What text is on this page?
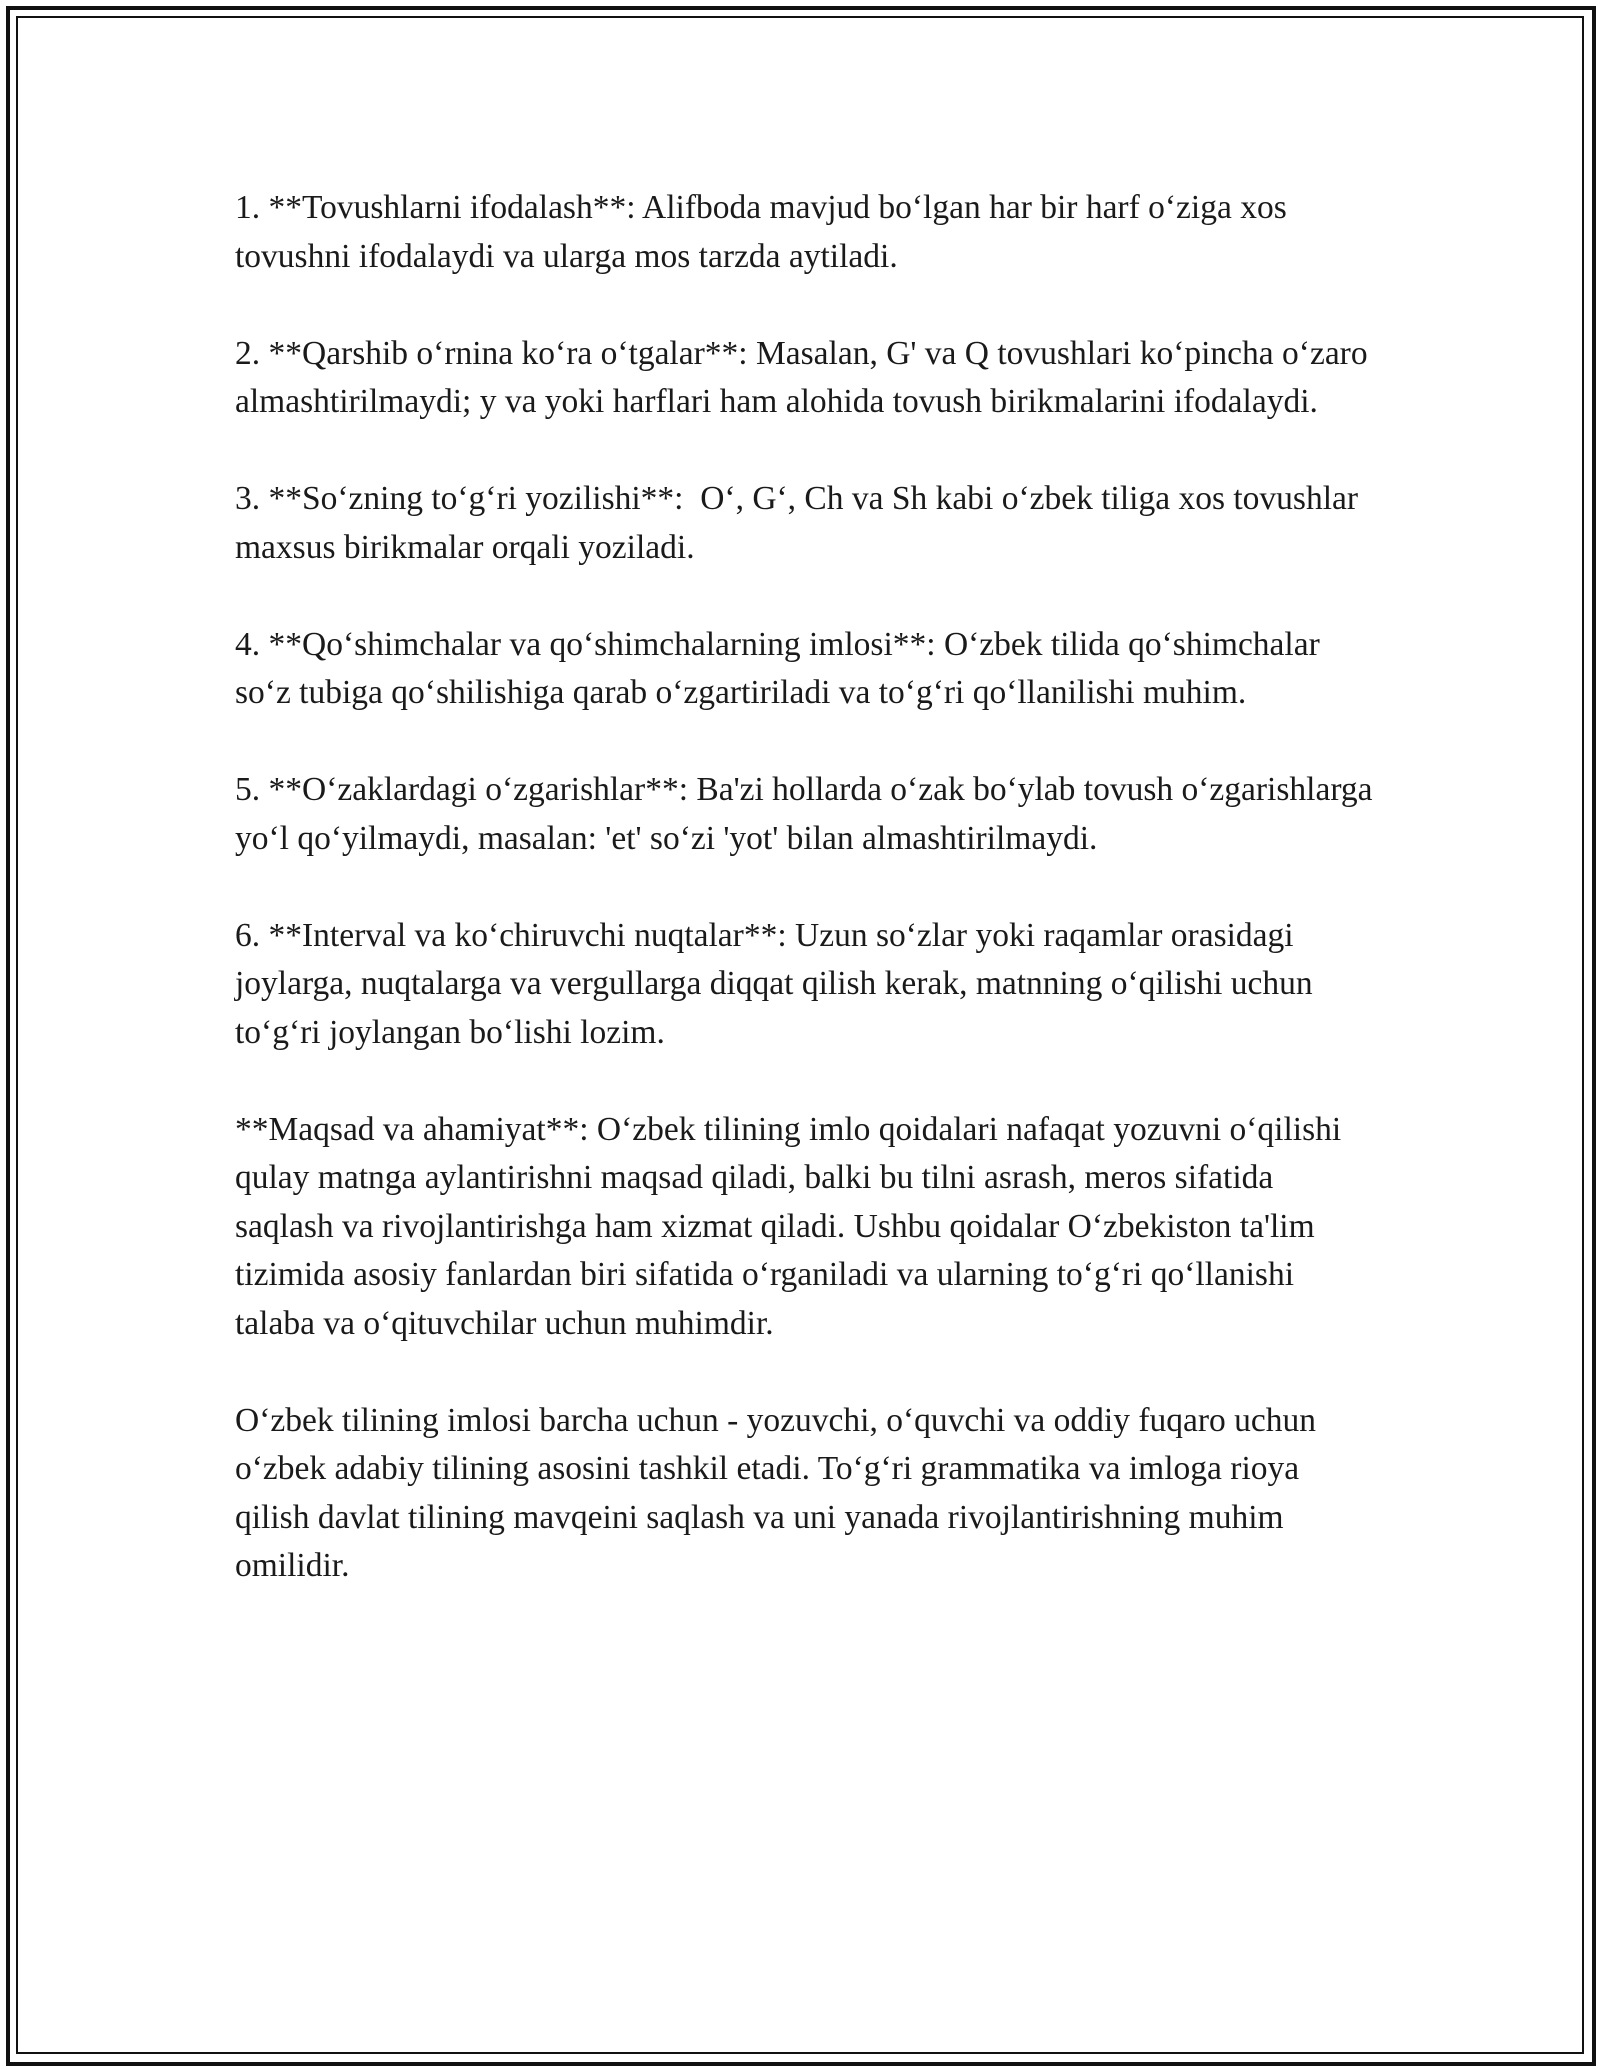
1. **Tovushlarni ifodalash**: Alifboda mavjud bo‘lgan har bir harf o‘ziga xos tovushni ifodalaydi va ularga mos tarzda aytiladi.

2. **Qarshib o‘rnina ko‘ra o‘tgalar**: Masalan, G' va Q tovushlari ko‘pincha o‘zaro almashtirilmaydi; y va yoki harflari ham alohida tovush birikmalarini ifodalaydi.

3. **So‘zning to‘g‘ri yozilishi**:  O‘, G‘, Ch va Sh kabi o‘zbek tiliga xos tovushlar maxsus birikmalar orqali yoziladi.

4. **Qo‘shimchalar va qo‘shimchalarning imlosi**: O‘zbek tilida qo‘shimchalar so‘z tubiga qo‘shilishiga qarab o‘zgartiriladi va to‘g‘ri qo‘llanilishi muhim.

5. **O‘zaklardagi o‘zgarishlar**: Ba'zi hollarda o‘zak bo‘ylab tovush o‘zgarishlarga yo‘l qo‘yilmaydi, masalan: 'et' so‘zi 'yot' bilan almashtirilmaydi.

6. **Interval va ko‘chiruvchi nuqtalar**: Uzun so‘zlar yoki raqamlar orasidagi joylarga, nuqtalarga va vergullarga diqqat qilish kerak, matnning o‘qilishi uchun to‘g‘ri joylangan bo‘lishi lozim.

**Maqsad va ahamiyat**: O‘zbek tilining imlo qoidalari nafaqat yozuvni o‘qilishi qulay matnga aylantirishni maqsad qiladi, balki bu tilni asrash, meros sifatida saqlash va rivojlantirishga ham xizmat qiladi. Ushbu qoidalar O‘zbekiston ta'lim tizimida asosiy fanlardan biri sifatida o‘rganiladi va ularning to‘g‘ri qo‘llanishi talaba va o‘qituvchilar uchun muhimdir.

O‘zbek tilining imlosi barcha uchun - yozuvchi, o‘quvchi va oddiy fuqaro uchun o‘zbek adabiy tilining asosini tashkil etadi. To‘g‘ri grammatika va imloga rioya qilish davlat tilining mavqeini saqlash va uni yanada rivojlantirishning muhim omilidir.
